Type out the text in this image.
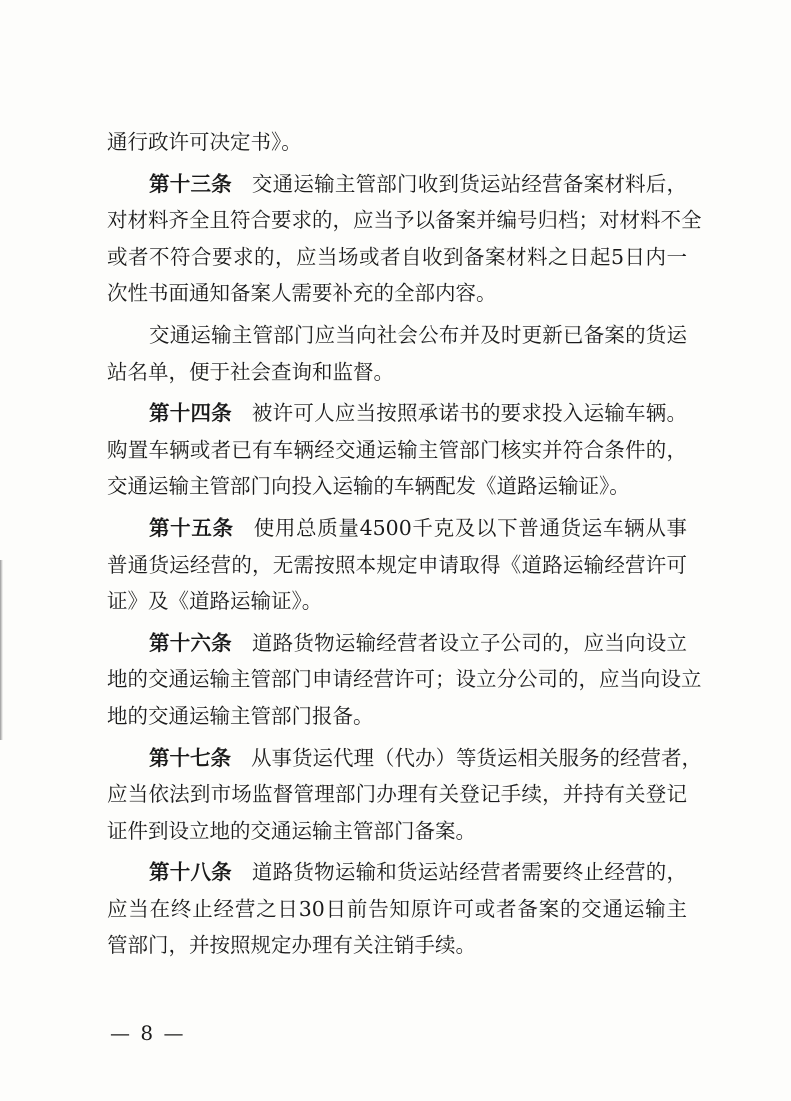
通行政许可决定书》。
第十三条 交通运输主管部门收到货运站经营备案材料后，
对材料齐全且符合要求的，应当予以备案并编号归档；对材料不全
或者不符合要求的，应当场或者自收到备案材料之日起5日内一
次性书面通知备案人需要补充的全部内容。
交通运输主管部门应当向社会公布并及时更新已备案的货运
站名单，便于社会查询和监督。
第十四条 被许可人应当按照承诺书的要求投入运输车辆。
购置车辆或者已有车辆经交通运输主管部门核实并符合条件的，
交通运输主管部门向投入运输的车辆配发《道路运输证》。
第十五条 使用总质量4500千克及以下普通货运车辆从事
普通货运经营的，无需按照本规定申请取得《道路运输经营许可
证》及《道路运输证》。
第十六条 道路货物运输经营者设立子公司的，应当向设立
地的交通运输主管部门申请经营许可；设立分公司的，应当向设立
地的交通运输主管部门报备。
第十七条 从事货运代理（代办）等货运相关服务的经营者，
应当依法到市场监督管理部门办理有关登记手续，并持有关登记
证件到设立地的交通运输主管部门备案。
第十八条 道路货物运输和货运站经营者需要终止经营的，
应当在终止经营之日30日前告知原许可或者备案的交通运输主
管部门，并按照规定办理有关注销手续。
— 8 —
